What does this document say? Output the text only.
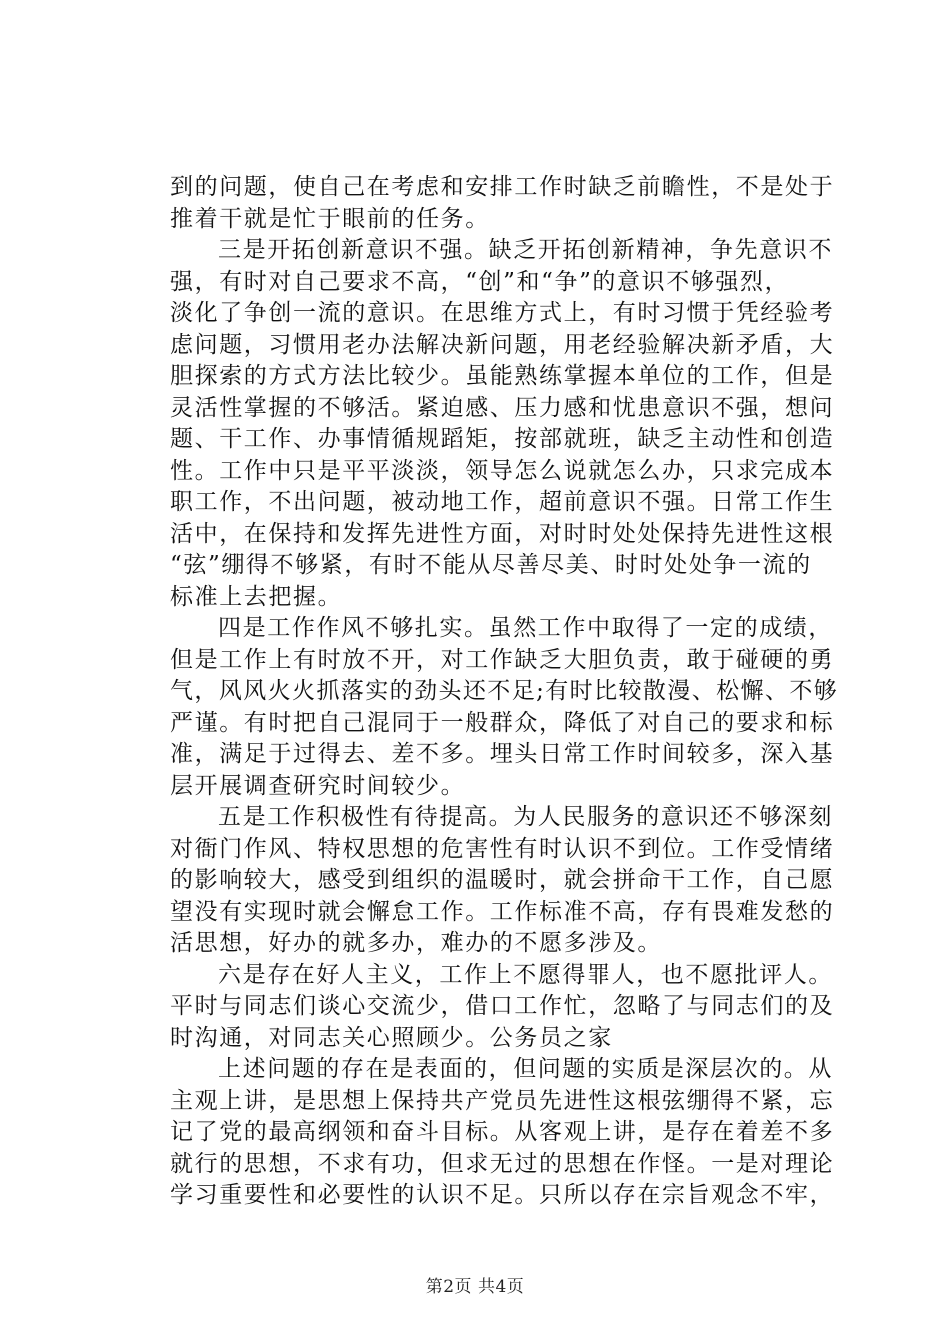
到的问题，使自己在考虑和安排工作时缺乏前瞻性，不是处于
推着干就是忙于眼前的任务。
三是开拓创新意识不强。缺乏开拓创新精神，争先意识不
强，有时对自己要求不高，“创”和“争”的意识不够强烈，
淡化了争创一流的意识。在思维方式上，有时习惯于凭经验考
虑问题，习惯用老办法解决新问题，用老经验解决新矛盾，大
胆探索的方式方法比较少。虽能熟练掌握本单位的工作，但是
灵活性掌握的不够活。紧迫感、压力感和忧患意识不强，想问
题、干工作、办事情循规蹈矩，按部就班，缺乏主动性和创造
性。工作中只是平平淡淡，领导怎么说就怎么办，只求完成本
职工作，不出问题，被动地工作，超前意识不强。日常工作生
活中，在保持和发挥先进性方面，对时时处处保持先进性这根
“弦”绷得不够紧，有时不能从尽善尽美、时时处处争一流的
标准上去把握。
四是工作作风不够扎实。虽然工作中取得了一定的成绩，
但是工作上有时放不开，对工作缺乏大胆负责，敢于碰硬的勇
气，风风火火抓落实的劲头还不足;有时比较散漫、松懈、不够
严谨。有时把自己混同于一般群众，降低了对自己的要求和标
准，满足于过得去、差不多。埋头日常工作时间较多，深入基
层开展调查研究时间较少。
五是工作积极性有待提高。为人民服务的意识还不够深刻
对衙门作风、特权思想的危害性有时认识不到位。工作受情绪
的影响较大，感受到组织的温暖时，就会拼命干工作，自己愿
望没有实现时就会懈怠工作。工作标准不高，存有畏难发愁的
活思想，好办的就多办，难办的不愿多涉及。
六是存在好人主义，工作上不愿得罪人，也不愿批评人。
平时与同志们谈心交流少，借口工作忙，忽略了与同志们的及
时沟通，对同志关心照顾少。公务员之家
上述问题的存在是表面的，但问题的实质是深层次的。从
主观上讲，是思想上保持共产党员先进性这根弦绷得不紧，忘
记了党的最高纲领和奋斗目标。从客观上讲，是存在着差不多
就行的思想，不求有功，但求无过的思想在作怪。一是对理论
学习重要性和必要性的认识不足。只所以存在宗旨观念不牢，
第2页 共4页
